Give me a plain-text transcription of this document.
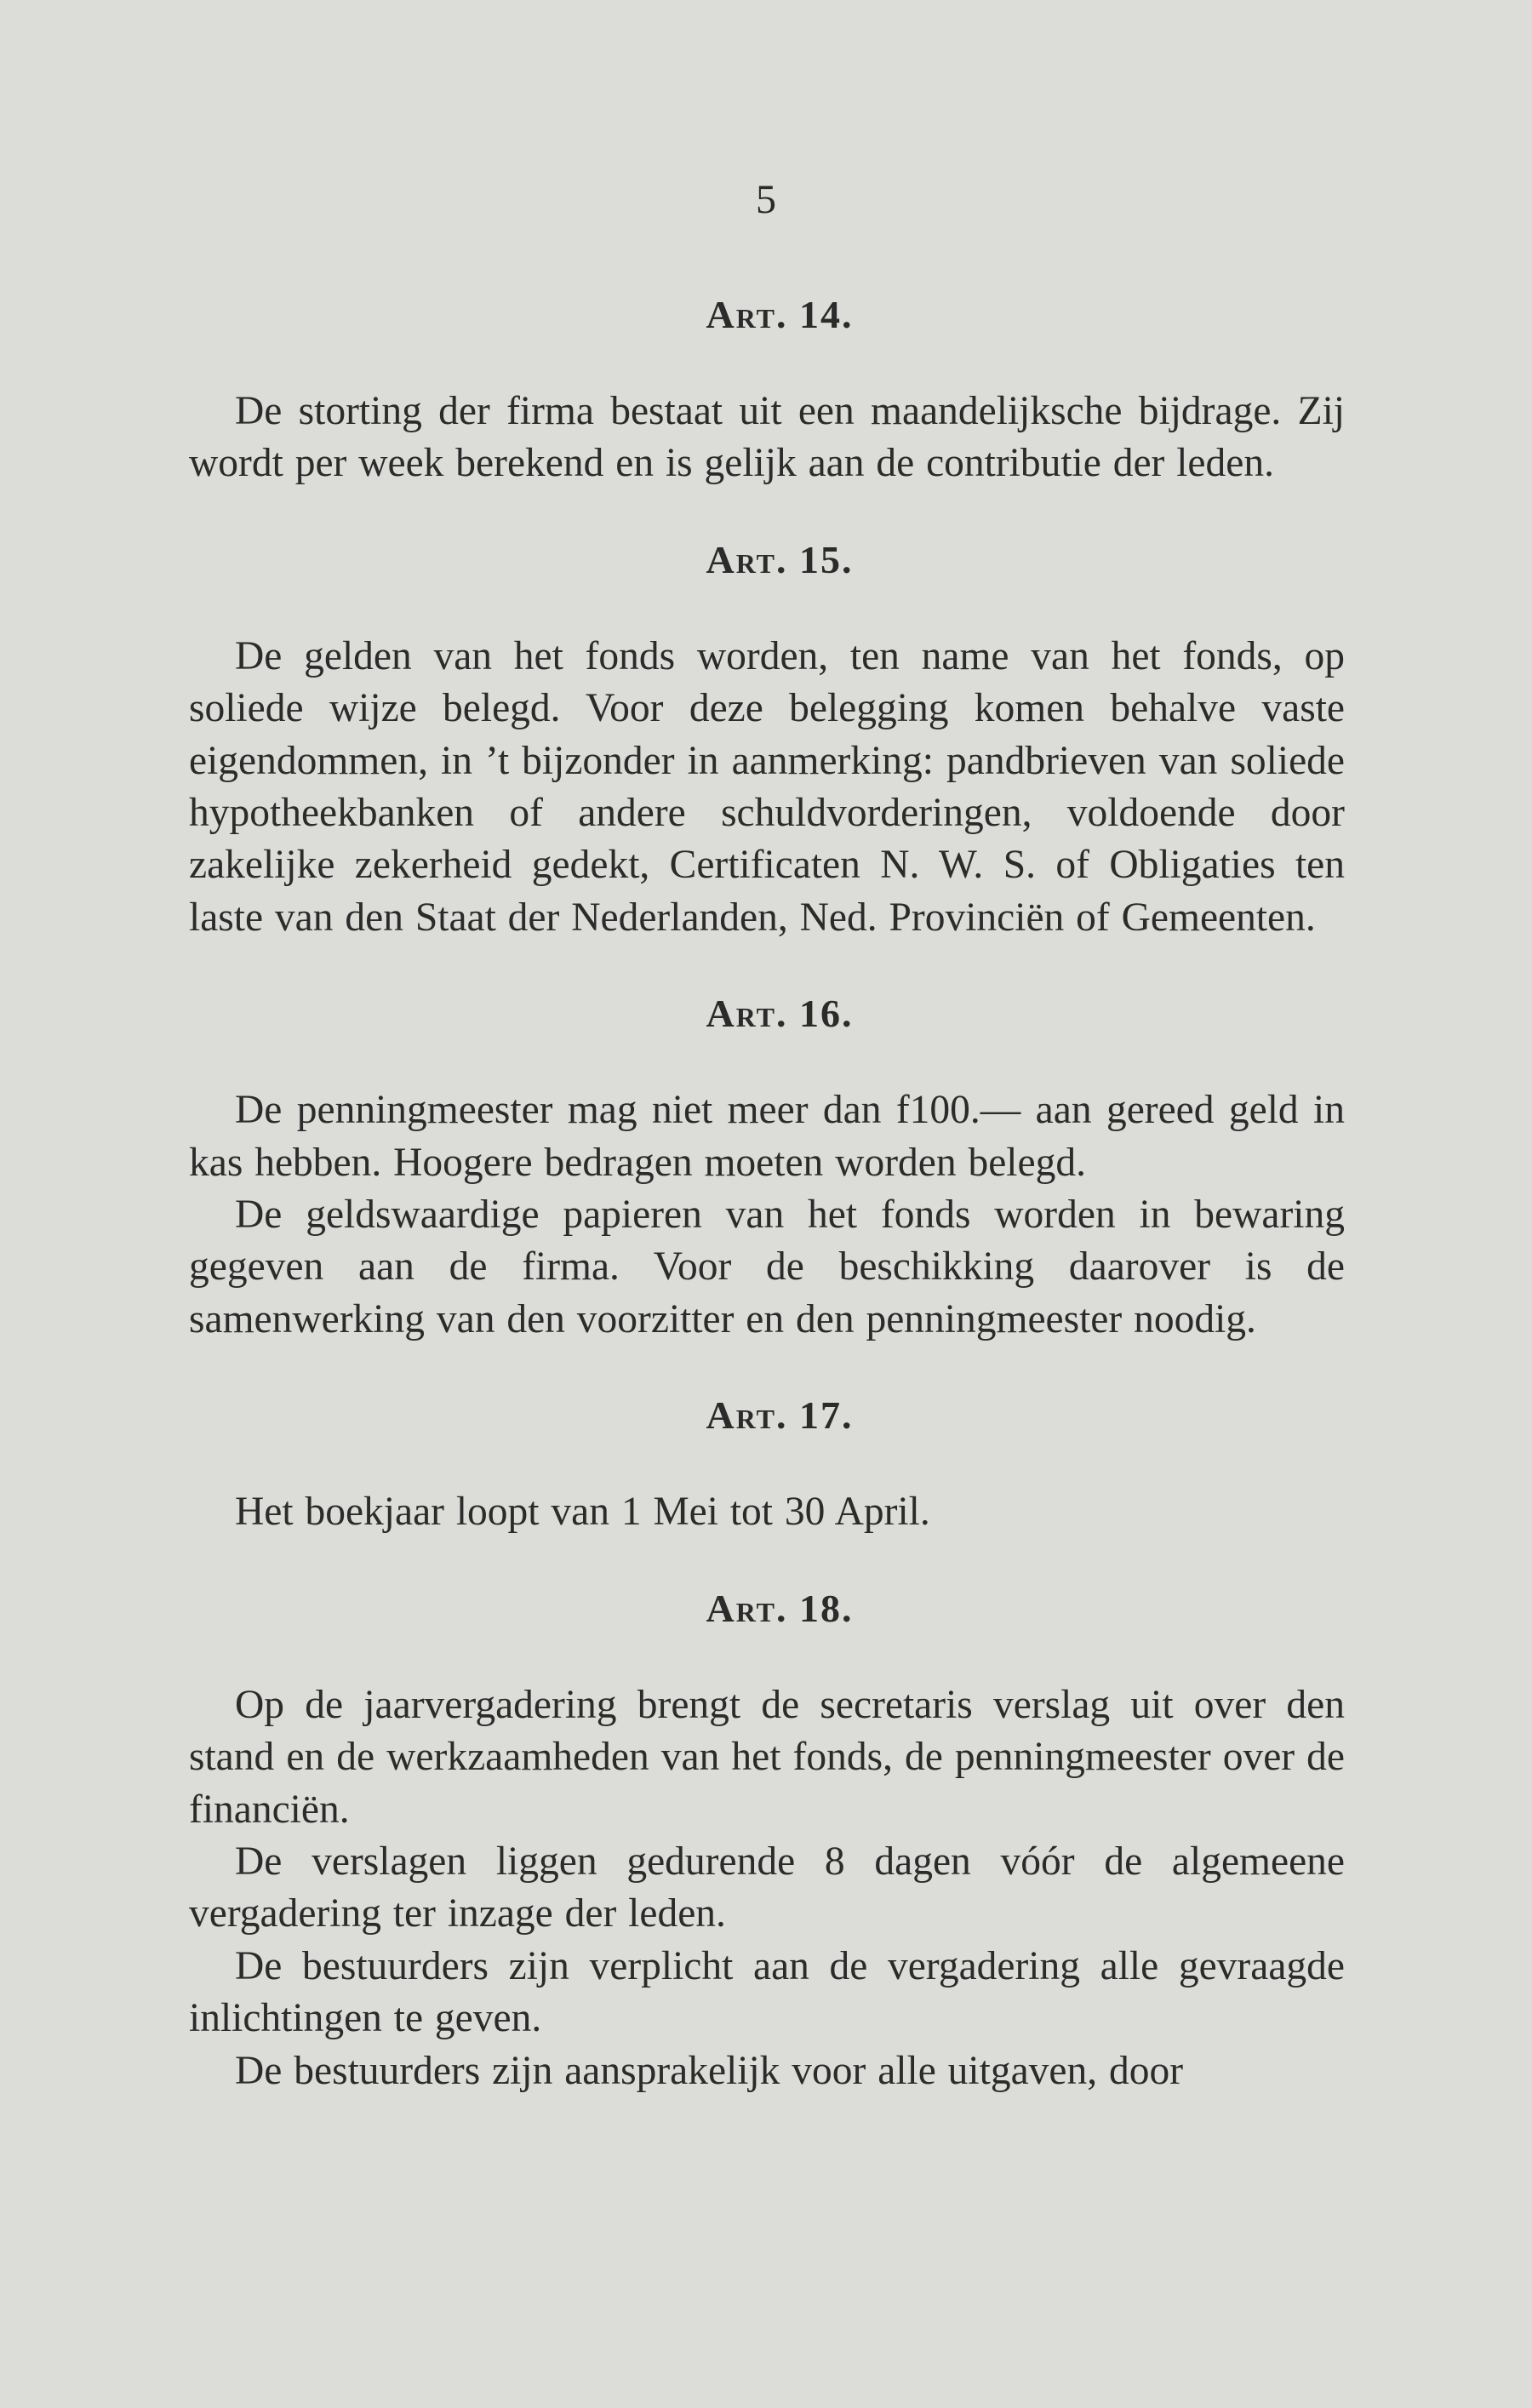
5
Art. 14.

De storting der firma bestaat uit een maandelijksche bijdrage. Zij wordt per week berekend en is gelijk aan de contributie der leden.

Art. 15.

De gelden van het fonds worden, ten name van het fonds, op soliede wijze belegd. Voor deze belegging komen behalve vaste eigendommen, in ’t bijzonder in aanmerking: pandbrieven van soliede hypotheekbanken of andere schuldvorderingen, voldoende door zakelijke zekerheid gedekt, Certificaten N. W. S. of Obligaties ten laste van den Staat der Nederlanden, Ned. Provinciën of Gemeenten.

Art. 16.

De penningmeester mag niet meer dan f100.— aan gereed geld in kas hebben. Hoogere bedragen moeten worden belegd.

De geldswaardige papieren van het fonds worden in bewaring gegeven aan de firma. Voor de beschikking daarover is de samenwerking van den voorzitter en den penningmeester noodig.

Art. 17.

Het boekjaar loopt van 1 Mei tot 30 April.

Art. 18.

Op de jaarvergadering brengt de secretaris verslag uit over den stand en de werkzaamheden van het fonds, de penningmeester over de financiën.

De verslagen liggen gedurende 8 dagen vóór de algemeene vergadering ter inzage der leden.

De bestuurders zijn verplicht aan de vergadering alle gevraagde inlichtingen te geven.

De bestuurders zijn aansprakelijk voor alle uitgaven, door
